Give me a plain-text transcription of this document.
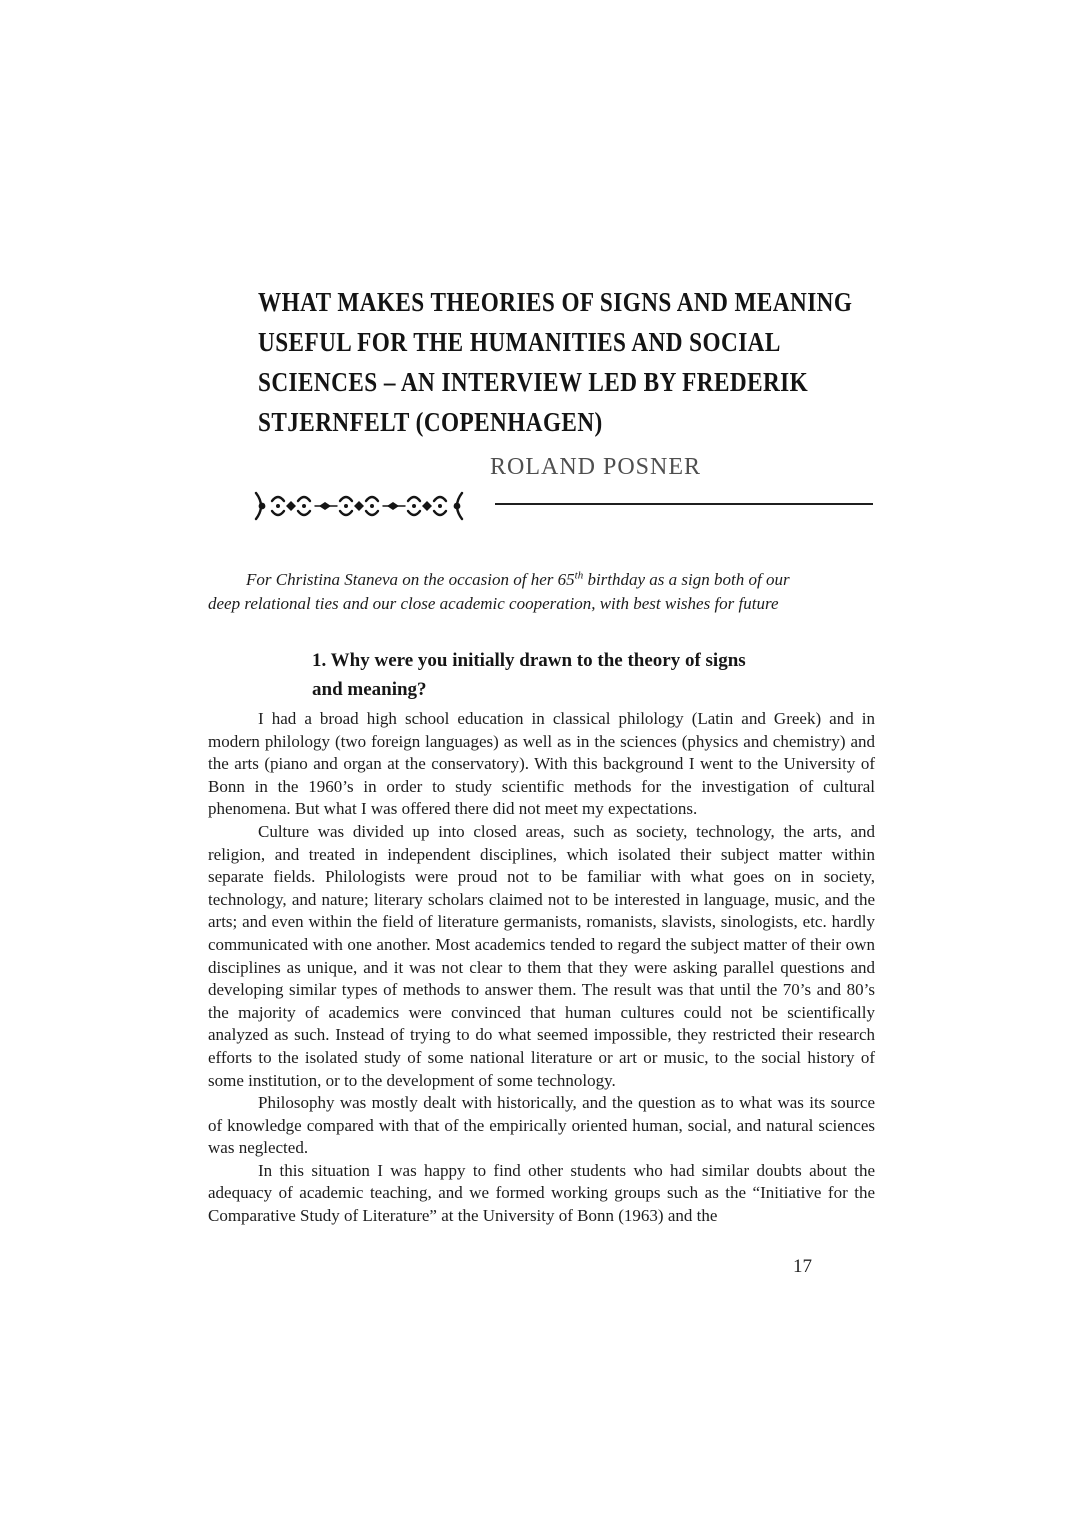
WHAT MAKES THEORIES OF SIGNS AND MEANING
USEFUL FOR THE HUMANITIES AND SOCIAL
SCIENCES – AN INTERVIEW LED BY FREDERIK
STJERNFELT (COPENHAGEN)
ROLAND POSNER
For Christina Staneva on the occasion of her 65th birthday as a sign both of our
deep relational ties and our close academic cooperation, with best wishes for future
1. Why were you initially drawn to the theory of signs
and meaning?

I had a broad high school education in classical philology (Latin and Greek) and in modern philology (two foreign languages) as well as in the sciences (physics and chemistry) and the arts (piano and organ at the conservatory). With this background I went to the University of Bonn in the 1960’s in order to study scientific methods for the investigation of cultural phenomena. But what I was offered there did not meet my expectations.

Culture was divided up into closed areas, such as society, technology, the arts, and religion, and treated in independent disciplines, which isolated their subject matter within separate fields. Philologists were proud not to be familiar with what goes on in society, technology, and nature; literary scholars claimed not to be interested in language, music, and the arts; and even within the field of literature germanists, romanists, slavists, sinologists, etc. hardly communicated with one another. Most academics tended to regard the subject matter of their own disciplines as unique, and it was not clear to them that they were asking parallel questions and developing similar types of methods to answer them. The result was that until the 70’s and 80’s the majority of academics were convinced that human cultures could not be scientifically analyzed as such. Instead of trying to do what seemed impossible, they restricted their research efforts to the isolated study of some national literature or art or music, to the social history of some institution, or to the development of some technology.

Philosophy was mostly dealt with historically, and the question as to what was its source of knowledge compared with that of the empirically oriented human, social, and natural sciences was neglected.

In this situation I was happy to find other students who had similar doubts about the adequacy of academic teaching, and we formed working groups such as the “Initiative for the Comparative Study of Literature” at the University of Bonn (1963) and the

17
